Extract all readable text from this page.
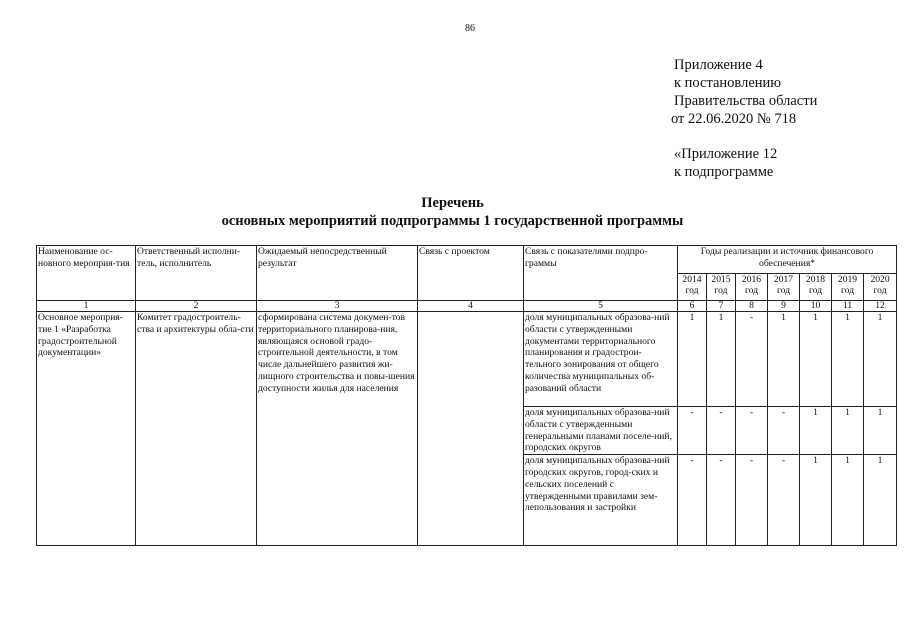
86
Приложение 4
к постановлению
Правительства области
от 22.06.2020 № 718
«Приложение 12
к подпрограмме
Перечень
основных мероприятий подпрограммы 1 государственной программы
Наименование ос-новного мероприя-тия	Ответственный исполни-тель, исполнитель	Ожидаемый непосредственный результат	Связь с проектом	Связь с показателями подпро-граммы	Годы реализации и источник финансового обеспечения*						
					2014 год	2015 год	2016 год	2017 год	2018 год	2019 год	2020 год
1	2	3	4	5	6	7	8	9	10	11	12
Основное мероприя-тие 1 «Разработка градостроительной документации»	Комитет градостроитель-ства и архитектуры обла-сти	сформирована система докумен-тов территориального планирова-ния, являющаяся основой градо-строительной деятельности, в том числе дальнейшего развития жи-лищного строительства и повы-шения доступности жилья для населения		доля муниципальных образова-ний области с утвержденными документами территориального планирования и градострои-тельного зонирования от общего количества муниципальных об-разований области	1	1	-	1	1	1	1
				доля муниципальных образова-ний области с утвержденными генеральными планами поселе-ний, городских округов	-	-	-	-	1	1	1
				доля муниципальных образова-ний городских округов, город-ских и сельских поселений с утвержденными правилами зем-лепользования и застройки	-	-	-	-	1	1	1
